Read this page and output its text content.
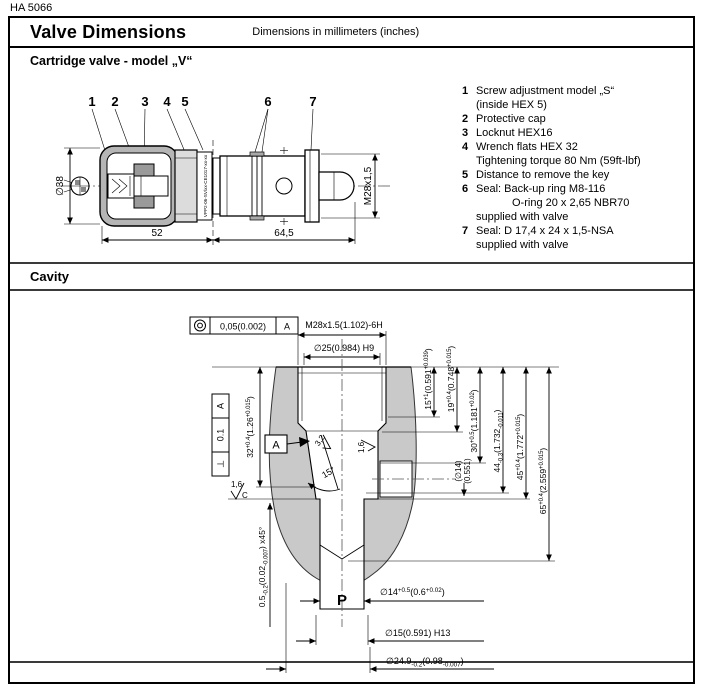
HA 5066
Valve Dimensions	Dimensions in millimeters (inches)
Cartridge valve - model „V“
1 2 3 4 5	6	7
VPP2-06-SV/xx-CE1017-xx-xx
∅38	M28x1,5
52	64,5
1 Screw adjustment model „S“
(inside HEX 5)
2 Protective cap
3 Locknut HEX16
4 Wrench flats HEX 32
Tightening torque 80 Nm (59ft-lbf)
5 Distance to remove the key
6 Seal: Back-up ring M8-116
O-ring 20 x 2,65 NBR70
supplied with valve
7 Seal: D 17,4 x 24 x 1,5-NSA
supplied with valve
Cavity
0,05(0.002) A M28x1.5(1.102)-6H
∅25(0.984) H9
A
0.1
⊥
$32^{+0.4}(1.26^{+0.015})$
A
1,6
C
$0.5_{-0.2}(0.02_{-0.007})$ x45°
15°
3,2	1,6
$15^{+1}(0.591^{+0.039})$
$19^{+0.4}(0.748^{+0.015})$
$30^{+0.5}(1.181^{+0.02})$
$44_{-0.3}(1.732_{-0.011})$
$45^{+0.4}(1.772^{+0.015})$
$65^{+0.4}(2.559^{+0.015})$
(∅14) (0.551)
P	$\emptyset 14^{+0.5}(0.6^{+0.02})$
∅15(0.591) H13
$\emptyset 24.9_{-0.2}(0.98_{-0.007})$
